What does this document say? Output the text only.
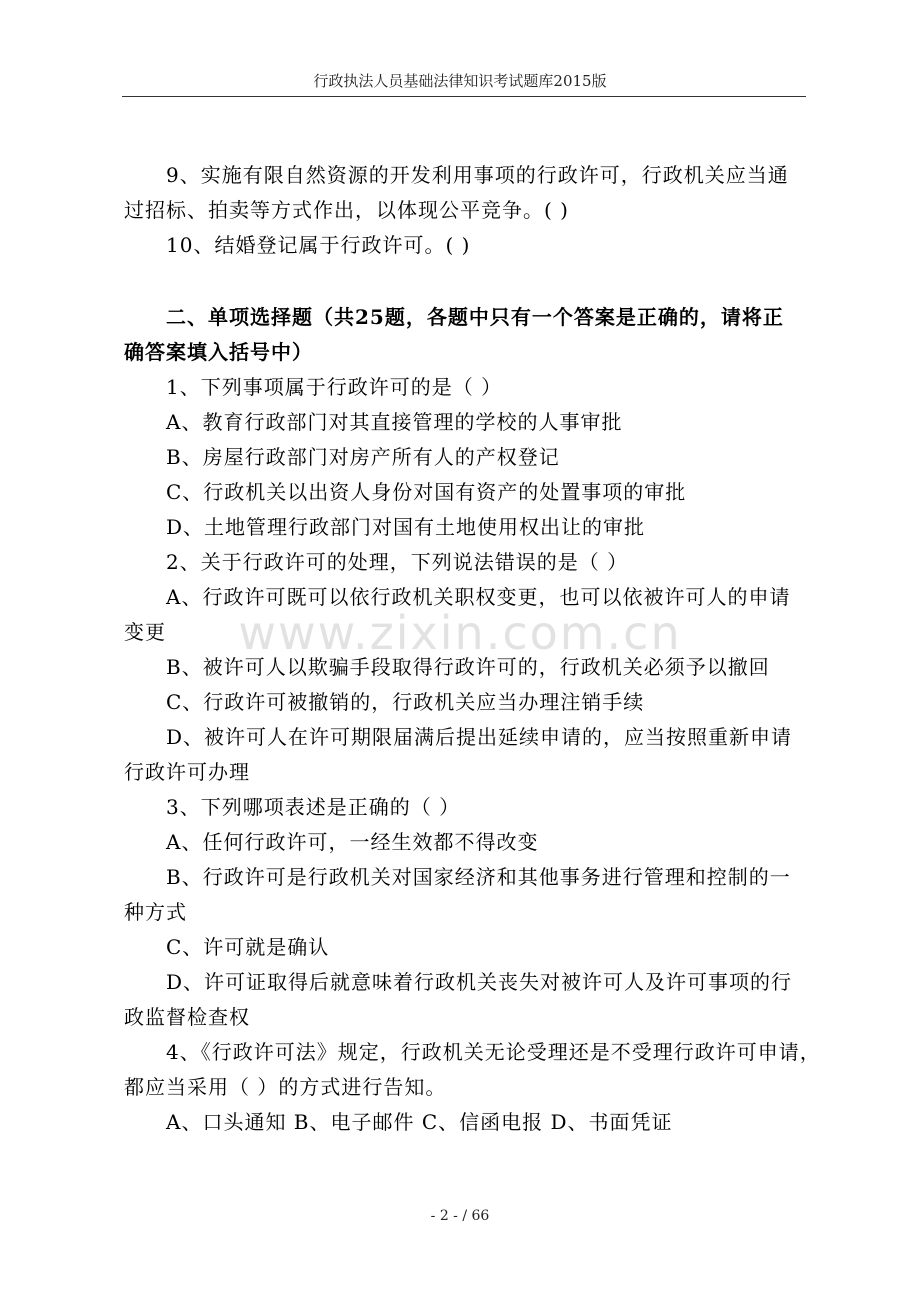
行政执法人员基础法律知识考试题库2015版
9、实施有限自然资源的开发利用事项的行政许可，行政机关应当通
过招标、拍卖等方式作出，以体现公平竞争。( )
10、结婚登记属于行政许可。( )
二、单项选择题（共25题，各题中只有一个答案是正确的，请将正
确答案填入括号中）
1、下列事项属于行政许可的是（ ）
A、教育行政部门对其直接管理的学校的人事审批
B、房屋行政部门对房产所有人的产权登记
C、行政机关以出资人身份对国有资产的处置事项的审批
D、土地管理行政部门对国有土地使用权出让的审批
2、关于行政许可的处理，下列说法错误的是（ ）
A、行政许可既可以依行政机关职权变更，也可以依被许可人的申请
变更
B、被许可人以欺骗手段取得行政许可的，行政机关必须予以撤回
C、行政许可被撤销的，行政机关应当办理注销手续
D、被许可人在许可期限届满后提出延续申请的，应当按照重新申请
行政许可办理
3、下列哪项表述是正确的（ ）
A、任何行政许可，一经生效都不得改变
B、行政许可是行政机关对国家经济和其他事务进行管理和控制的一
种方式
C、许可就是确认
D、许可证取得后就意味着行政机关丧失对被许可人及许可事项的行
政监督检查权
4、《行政许可法》规定，行政机关无论受理还是不受理行政许可申请，
都应当采用（ ）的方式进行告知。
A、口头通知 B、电子邮件 C、信函电报 D、书面凭证
www.zixin.com.cn
- 2 - / 66
